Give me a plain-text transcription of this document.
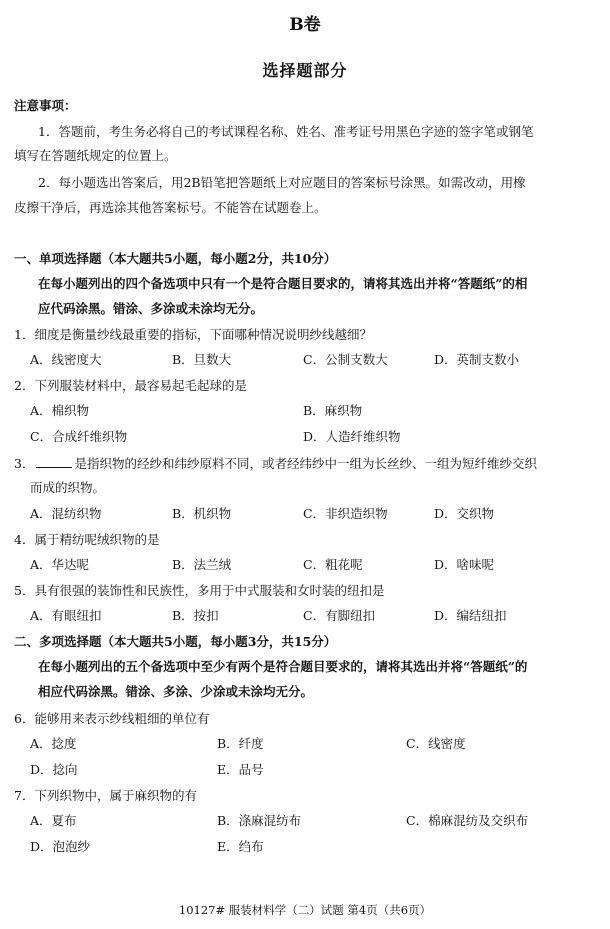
B卷
选择题部分
注意事项：
1．答题前，考生务必将自己的考试课程名称、姓名、准考证号用黑色字迹的签字笔或钢笔
填写在答题纸规定的位置上。
2．每小题选出答案后，用2B铅笔把答题纸上对应题目的答案标号涂黑。如需改动，用橡
皮擦干净后，再选涂其他答案标号。不能答在试题卷上。
一、单项选择题（本大题共5小题，每小题2分，共10分）
在每小题列出的四个备选项中只有一个是符合题目要求的，请将其选出并将“答题纸”的相
应代码涂黑。错涂、多涂或未涂均无分。
1．细度是衡量纱线最重要的指标，下面哪种情况说明纱线越细？
A．线密度大	B．旦数大	C．公制支数大	D．英制支数小
2．下列服装材料中，最容易起毛起球的是
A．棉织物	B．麻织物
C．合成纤维织物	D．人造纤维织物
3．	是指织物的经纱和纬纱原料不同，或者经纬纱中一组为长丝纱、一组为短纤维纱交织
而成的织物。
A．混纺织物	B．机织物	C．非织造织物	D．交织物
4．属于精纺呢绒织物的是
A．华达呢	B．法兰绒	C．粗花呢	D．啥味呢
5．具有很强的装饰性和民族性，多用于中式服装和女时装的纽扣是
A．有眼纽扣	B．按扣	C．有脚纽扣	D．编结纽扣
二、多项选择题（本大题共5小题，每小题3分，共15分）
在每小题列出的五个备选项中至少有两个是符合题目要求的，请将其选出并将“答题纸”的
相应代码涂黑。错涂、多涂、少涂或未涂均无分。
6．能够用来表示纱线粗细的单位有
A．捻度	B．纤度	C．线密度
D．捻向	E．品号
7．下列织物中，属于麻织物的有
A．夏布	B．涤麻混纺布	C．棉麻混纺及交织布
D．泡泡纱	E．绉布
10127# 服装材料学（二）试题 第4页（共6页）
